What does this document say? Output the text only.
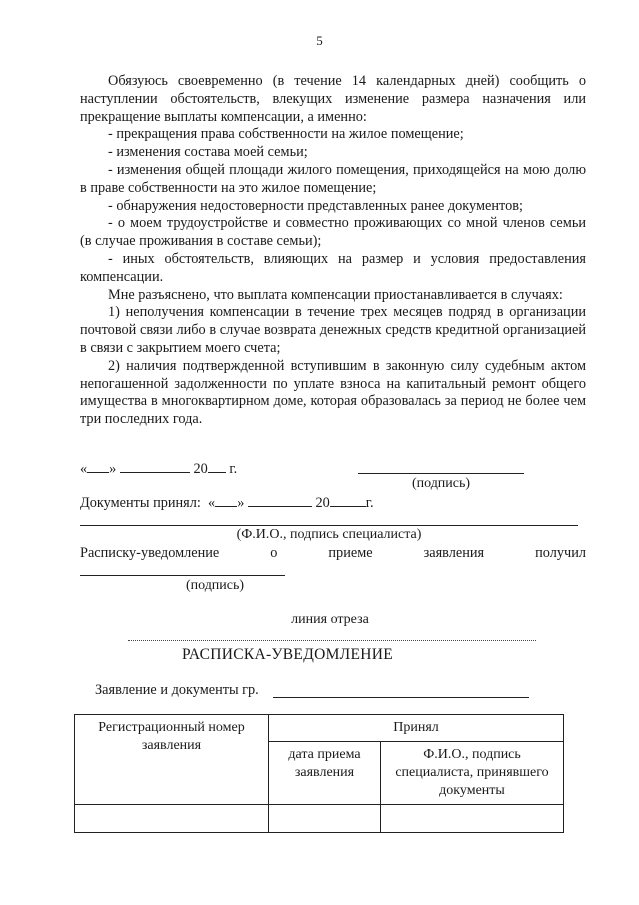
5

Обязуюсь своевременно (в течение 14 календарных дней) сообщить о наступлении обстоятельств, влекущих изменение размера назначения или прекращение выплаты компенсации, а именно:

- прекращения права собственности на жилое помещение;

- изменения состава моей семьи;

- изменения общей площади жилого помещения, приходящейся на мою долю в праве собственности на это жилое помещение;

- обнаружения недостоверности представленных ранее документов;

- о моем трудоустройстве и совместно проживающих со мной членов семьи (в случае проживания в составе семьи);

- иных обстоятельств, влияющих на размер и условия предоставления компенсации.

Мне разъяснено, что выплата компенсации приостанавливается в случаях:

1) неполучения компенсации в течение трех месяцев подряд в организации почтовой связи либо в случае возврата денежных средств кредитной организацией в связи с закрытием моего счета;

2) наличия подтвержденной вступившим в законную силу судебным актом непогашенной задолженности по уплате взноса на капитальный ремонт общего имущества в многоквартирном доме, которая образовалась за период не более чем три последних года.

« »	20 г.
(подпись)
Документы принял: « »	20	г.
(Ф.И.О., подпись специалиста)
Расписку-уведомление	о	приеме	заявления	получил
(подпись)
линия отреза
РАСПИСКА-УВЕДОМЛЕНИЕ
Заявление и документы гр.
Регистрационный номер заявления	Принял	
	дата приема заявления	Ф.И.О., подпись специалиста, принявшего документы
